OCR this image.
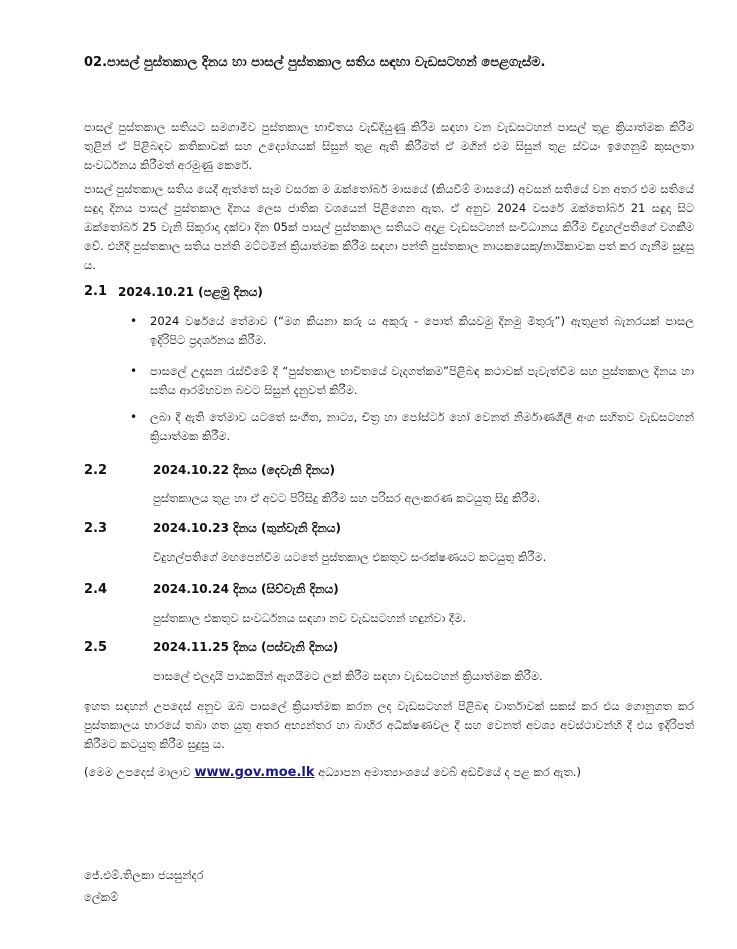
02.පාසල් පුස්තකාල දිනය හා පාසල් පුස්තකාල සතිය සඳහා වැඩසටහන් පෙළගැස්ම.
පාසල් පුස්තකාල සතියට සමගාමීව පුස්තකාල භාවිතය වැඩිදියුණු කිරීම සඳහා වන වැඩසටහන් පාසල් තුළ ක්‍රියාත්මක කිරීම තුළින් ඒ පිළිබඳව කතිකාවක් සහ උද්‍යෝගයක් සිසුන් තුළ ඇති කිරීමත් ඒ මගින් එම සිසුන් තුළ ස්වයං ඉගෙනුම් කුසලතා සංවර්ධනය කිරීමත් අරමුණු කෙරේ.
පාසල් පුස්තකාල සතිය යෙදී ඇත්තේ සෑම වසරක ම ඔක්තෝබර් මාසයේ (කියවීම් මාසයේ) අවසන් සතියේ වන අතර එම සතියේ සඳුදා දිනය පාසල් පුස්තකාල දිනය ලෙස ජාතික වශයෙන් පිළිගෙන ඇත. ඒ අනුව 2024 වසරේ ඔක්තෝබර් 21 සඳුදා සිට ඔක්තෝබර් 25 වැනි සිකුරාදා දක්වා දින 05ක් පාසල් පුස්තකාල සතියට අදාළ වැඩසටහන් සංවිධානය කිරීම විදුහල්පතිගේ වගකීම වේ. එහිදී පුස්තකාල සතිය පන්ති මට්ටමින් ක්‍රියාත්මක කිරීම සඳහා පන්ති පුස්තකාල නායකයෙකු/නායිකාවක පත් කර ගැනීම සුදුසු ය.
2.1 2024.10.21 (පළමු දිනය)
• 2024 වර්ෂයේ තේමාව (“මග කියනා කරු ය අකුරු - පොත් කියවමු දිනමු මිතුරු”) ඇතුළත් බැනරයක් පාසල ඉදිරිපිට ප්‍රදර්ශනය කිරීම.
• පාසලේ උදෑසන රැස්වීමේ දී “පුස්තකාල භාවිතයේ වැදගත්කම”පිළිබඳ කථාවක් පැවැත්වීම සහ පුස්තකාල දිනය හා සතිය ආරම්භවන බවට සිසුන් දැනුවත් කිරීම.
• ලබා දී ඇති තේමාව යටතේ සංගීත, නාට්‍ය, චිත්‍ර හා පෝස්ටර් හෝ වෙනත් නිර්මාණශීලී අංග සහිතව වැඩසටහන් ක්‍රියාත්මක කිරීම.
2.2	2024.10.22 දිනය (දෙවැනි දිනය)
පුස්තකාලය තුළ හා ඒ අවට පිරිසිදු කිරීම සහ පරිසර අලංකරණ කටයුතු සිදු කිරීම.
2.3	2024.10.23 දිනය (තුන්වැනි දිනය)
විදුහල්පතිගේ මඟපෙන්වීම යටතේ පුස්තකාල එකතුව සංරක්ෂණයට කටයුතු කිරීම.
2.4	2024.10.24 දිනය (සිව්වැනි දිනය)
පුස්තකාල එකතුව සංවර්ධනය සඳහා නව වැඩසටහන් හඳුන්වා දීම.
2.5	2024.11.25 දිනය (පස්වැනි දිනය)
පාසලේ එලදායි පාඨකයින් ඇගයීමට ලක් කිරීම සඳහා වැඩසටහන් ක්‍රියාත්මක කිරීම.
ඉහත සඳහන් උපදෙස් අනුව ඔබ පාසලේ ක්‍රියාත්මක කරන ලද වැඩසටහන් පිළිබඳ වාර්තාවක් සකස් කර එය ගොනුගත කර පුස්තකාලය භාරයේ තබා ගත යුතු අතර අභ්‍යන්තර හා බාහිර අධීක්ෂණවල දී සහ වෙනත් අවශ්‍ය අවස්ථාවන්හි දී එය ඉදිරිපත් කිරීමට කටයුතු කිරීම සුදුසු ය.
(මෙම උපදෙස් මාලාව www.gov.moe.lk අධ්‍යාපන අමාත්‍යාංශයේ වෙබ් අඩවියේ ද පළ කර ඇත.)
ජේ.එම්.තිලකා ජයසුන්දර
ලේකම්
